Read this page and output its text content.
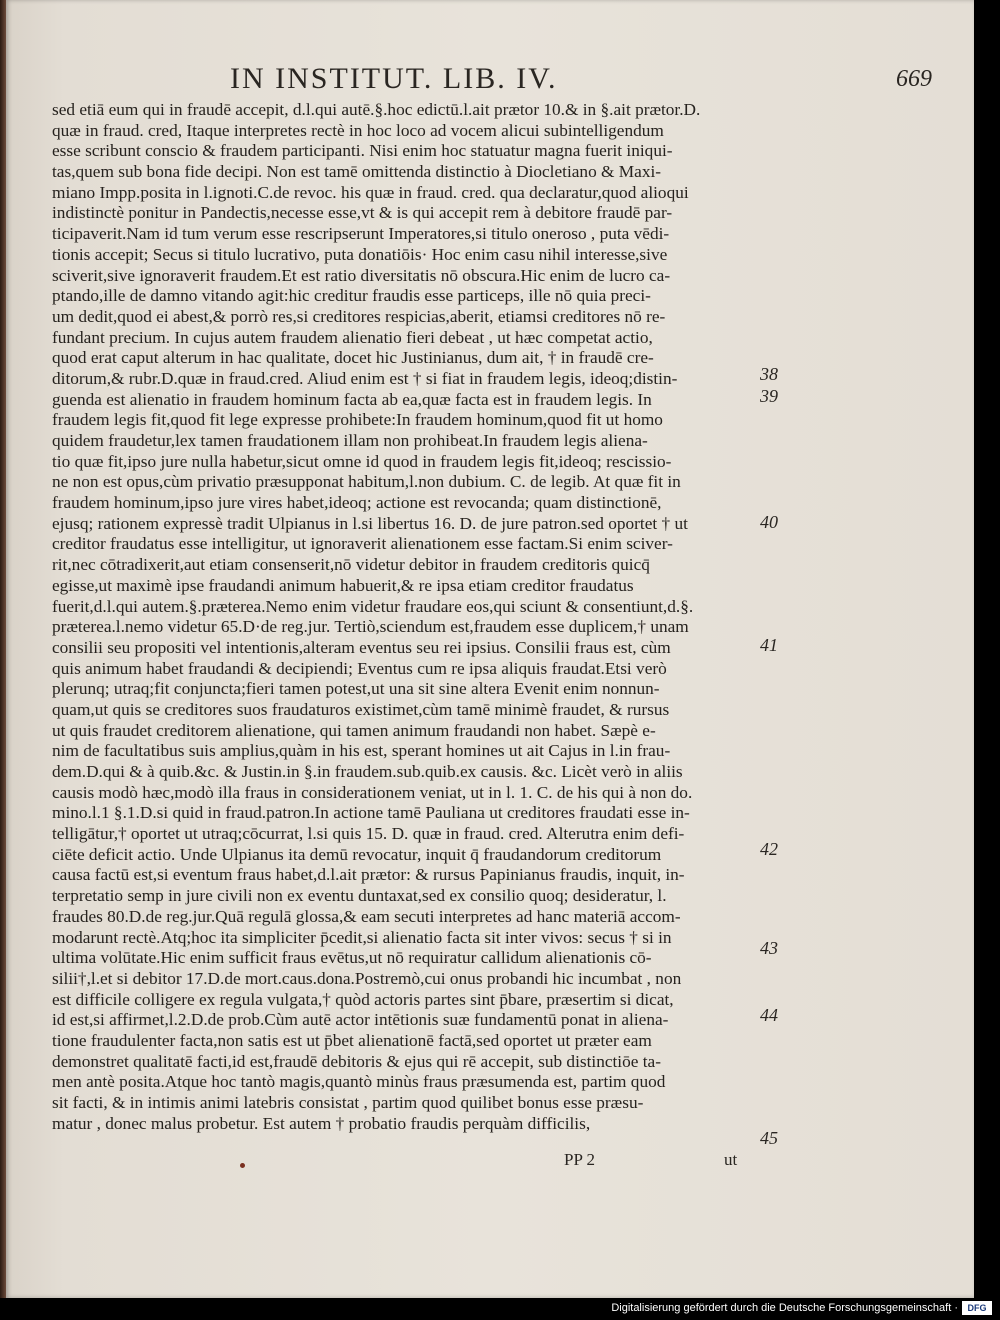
IN INSTITUT. LIB. IV.	669
sed etiā eum qui in fraudē accepit, d.l.qui autē.§.hoc edictū.l.ait prætor 10.& in §.ait prætor.D.
quæ in fraud. cred, Itaque interpretes rectè in hoc loco ad vocem alicui subintelligendum
esse scribunt conscio & fraudem participanti. Nisi enim hoc statuatur magna fuerit iniqui-
tas,quem sub bona fide decipi. Non est tamē omittenda distinctio à Diocletiano & Maxi-
miano Impp.posita in l.ignoti.C.de revoc. his quæ in fraud. cred. qua declaratur,quod alioqui
indistinctè ponitur in Pandectis,necesse esse,vt & is qui accepit rem à debitore fraudē par-
ticipaverit.Nam id tum verum esse rescripserunt Imperatores,si titulo oneroso , puta vēdi-
tionis accepit; Secus si titulo lucrativo, puta donatiōis· Hoc enim casu nihil interesse,sive
sciverit,sive ignoraverit fraudem.Et est ratio diversitatis nō obscura.Hic enim de lucro ca-
ptando,ille de damno vitando agit:hic creditur fraudis esse particeps, ille nō quia preci-
um dedit,quod ei abest,& porrò res,si creditores respicias,aberit, etiamsi creditores nō re-
fundant precium. In cujus autem fraudem alienatio fieri debeat , ut hæc competat actio,
quod erat caput alterum in hac qualitate, docet hic Justinianus, dum ait, † in fraudē cre-
ditorum,& rubr.D.quæ in fraud.cred. Aliud enim est † si fiat in fraudem legis, ideoq;distin-
guenda est alienatio in fraudem hominum facta ab ea,quæ facta est in fraudem legis. In
fraudem legis fit,quod fit lege expresse prohibete:In fraudem hominum,quod fit ut homo
quidem fraudetur,lex tamen fraudationem illam non prohibeat.In fraudem legis aliena-
tio quæ fit,ipso jure nulla habetur,sicut omne id quod in fraudem legis fit,ideoq; rescissio-
ne non est opus,cùm privatio præsupponat habitum,l.non dubium. C. de legib. At quæ fit in
fraudem hominum,ipso jure vires habet,ideoq; actione est revocanda; quam distinctionē,
ejusq; rationem expressè tradit Ulpianus in l.si libertus 16. D. de jure patron.sed oportet † ut
creditor fraudatus esse intelligitur, ut ignoraverit alienationem esse factam.Si enim sciver-
rit,nec cōtradixerit,aut etiam consenserit,nō videtur debitor in fraudem creditoris quicq̄
egisse,ut maximè ipse fraudandi animum habuerit,& re ipsa etiam creditor fraudatus
fuerit,d.l.qui autem.§.præterea.Nemo enim videtur fraudare eos,qui sciunt & consentiunt,d.§.
præterea.l.nemo videtur 65.D·de reg.jur. Tertiò,sciendum est,fraudem esse duplicem,† unam
consilii seu propositi vel intentionis,alteram eventus seu rei ipsius. Consilii fraus est, cùm
quis animum habet fraudandi & decipiendi; Eventus cum re ipsa aliquis fraudat.Etsi verò
plerunq; utraq;fit conjuncta;fieri tamen potest,ut una sit sine altera Evenit enim nonnun-
quam,ut quis se creditores suos fraudaturos existimet,cùm tamē minimè fraudet, & rursus
ut quis fraudet creditorem alienatione, qui tamen animum fraudandi non habet. Sæpè e-
nim de facultatibus suis amplius,quàm in his est, sperant homines ut ait Cajus in l.in frau-
dem.D.qui & à quib.&c. & Justin.in §.in fraudem.sub.quib.ex causis. &c. Licèt verò in aliis
causis modò hæc,modò illa fraus in considerationem veniat, ut in l. 1. C. de his qui à non do.
mino.l.1 §.1.D.si quid in fraud.patron.In actione tamē Pauliana ut creditores fraudati esse in-
telligātur,† oportet ut utraq;cōcurrat, l.si quis 15. D. quæ in fraud. cred. Alterutra enim defi-
ciēte deficit actio. Unde Ulpianus ita demū revocatur, inquit q̄ fraudandorum creditorum
causa factū est,si eventum fraus habet,d.l.ait prætor: & rursus Papinianus fraudis, inquit, in-
terpretatio semp in jure civili non ex eventu duntaxat,sed ex consilio quoq; desideratur, l.
fraudes 80.D.de reg.jur.Quā regulā glossa,& eam secuti interpretes ad hanc materiā accom-
modarunt rectè.Atq;hoc ita simpliciter p̄cedit,si alienatio facta sit inter vivos: secus † si in
ultima volūtate.Hic enim sufficit fraus evētus,ut nō requiratur callidum alienationis cō-
silii†,l.et si debitor 17.D.de mort.caus.dona.Postremò,cui onus probandi hic incumbat , non
est difficile colligere ex regula vulgata,† quòd actoris partes sint p̄bare, præsertim si dicat,
id est,si affirmet,l.2.D.de prob.Cùm autē actor intētionis suæ fundamentū ponat in aliena-
tione fraudulenter facta,non satis est ut p̄bet alienationē factā,sed oportet ut præter eam
demonstret qualitatē facti,id est,fraudē debitoris & ejus qui rē accepit, sub distinctiōe ta-
men antè posita.Atque hoc tantò magis,quantò minùs fraus præsumenda est, partim quod
sit facti, & in intimis animi latebris consistat , partim quod quilibet bonus esse præsu-
matur , donec malus probetur. Est autem † probatio fraudis perquàm difficilis,
38
39
40
41
42
43
44
45
PP 2	ut
Digitalisierung gefördert durch die Deutsche Forschungsgemeinschaft ·	DFG
